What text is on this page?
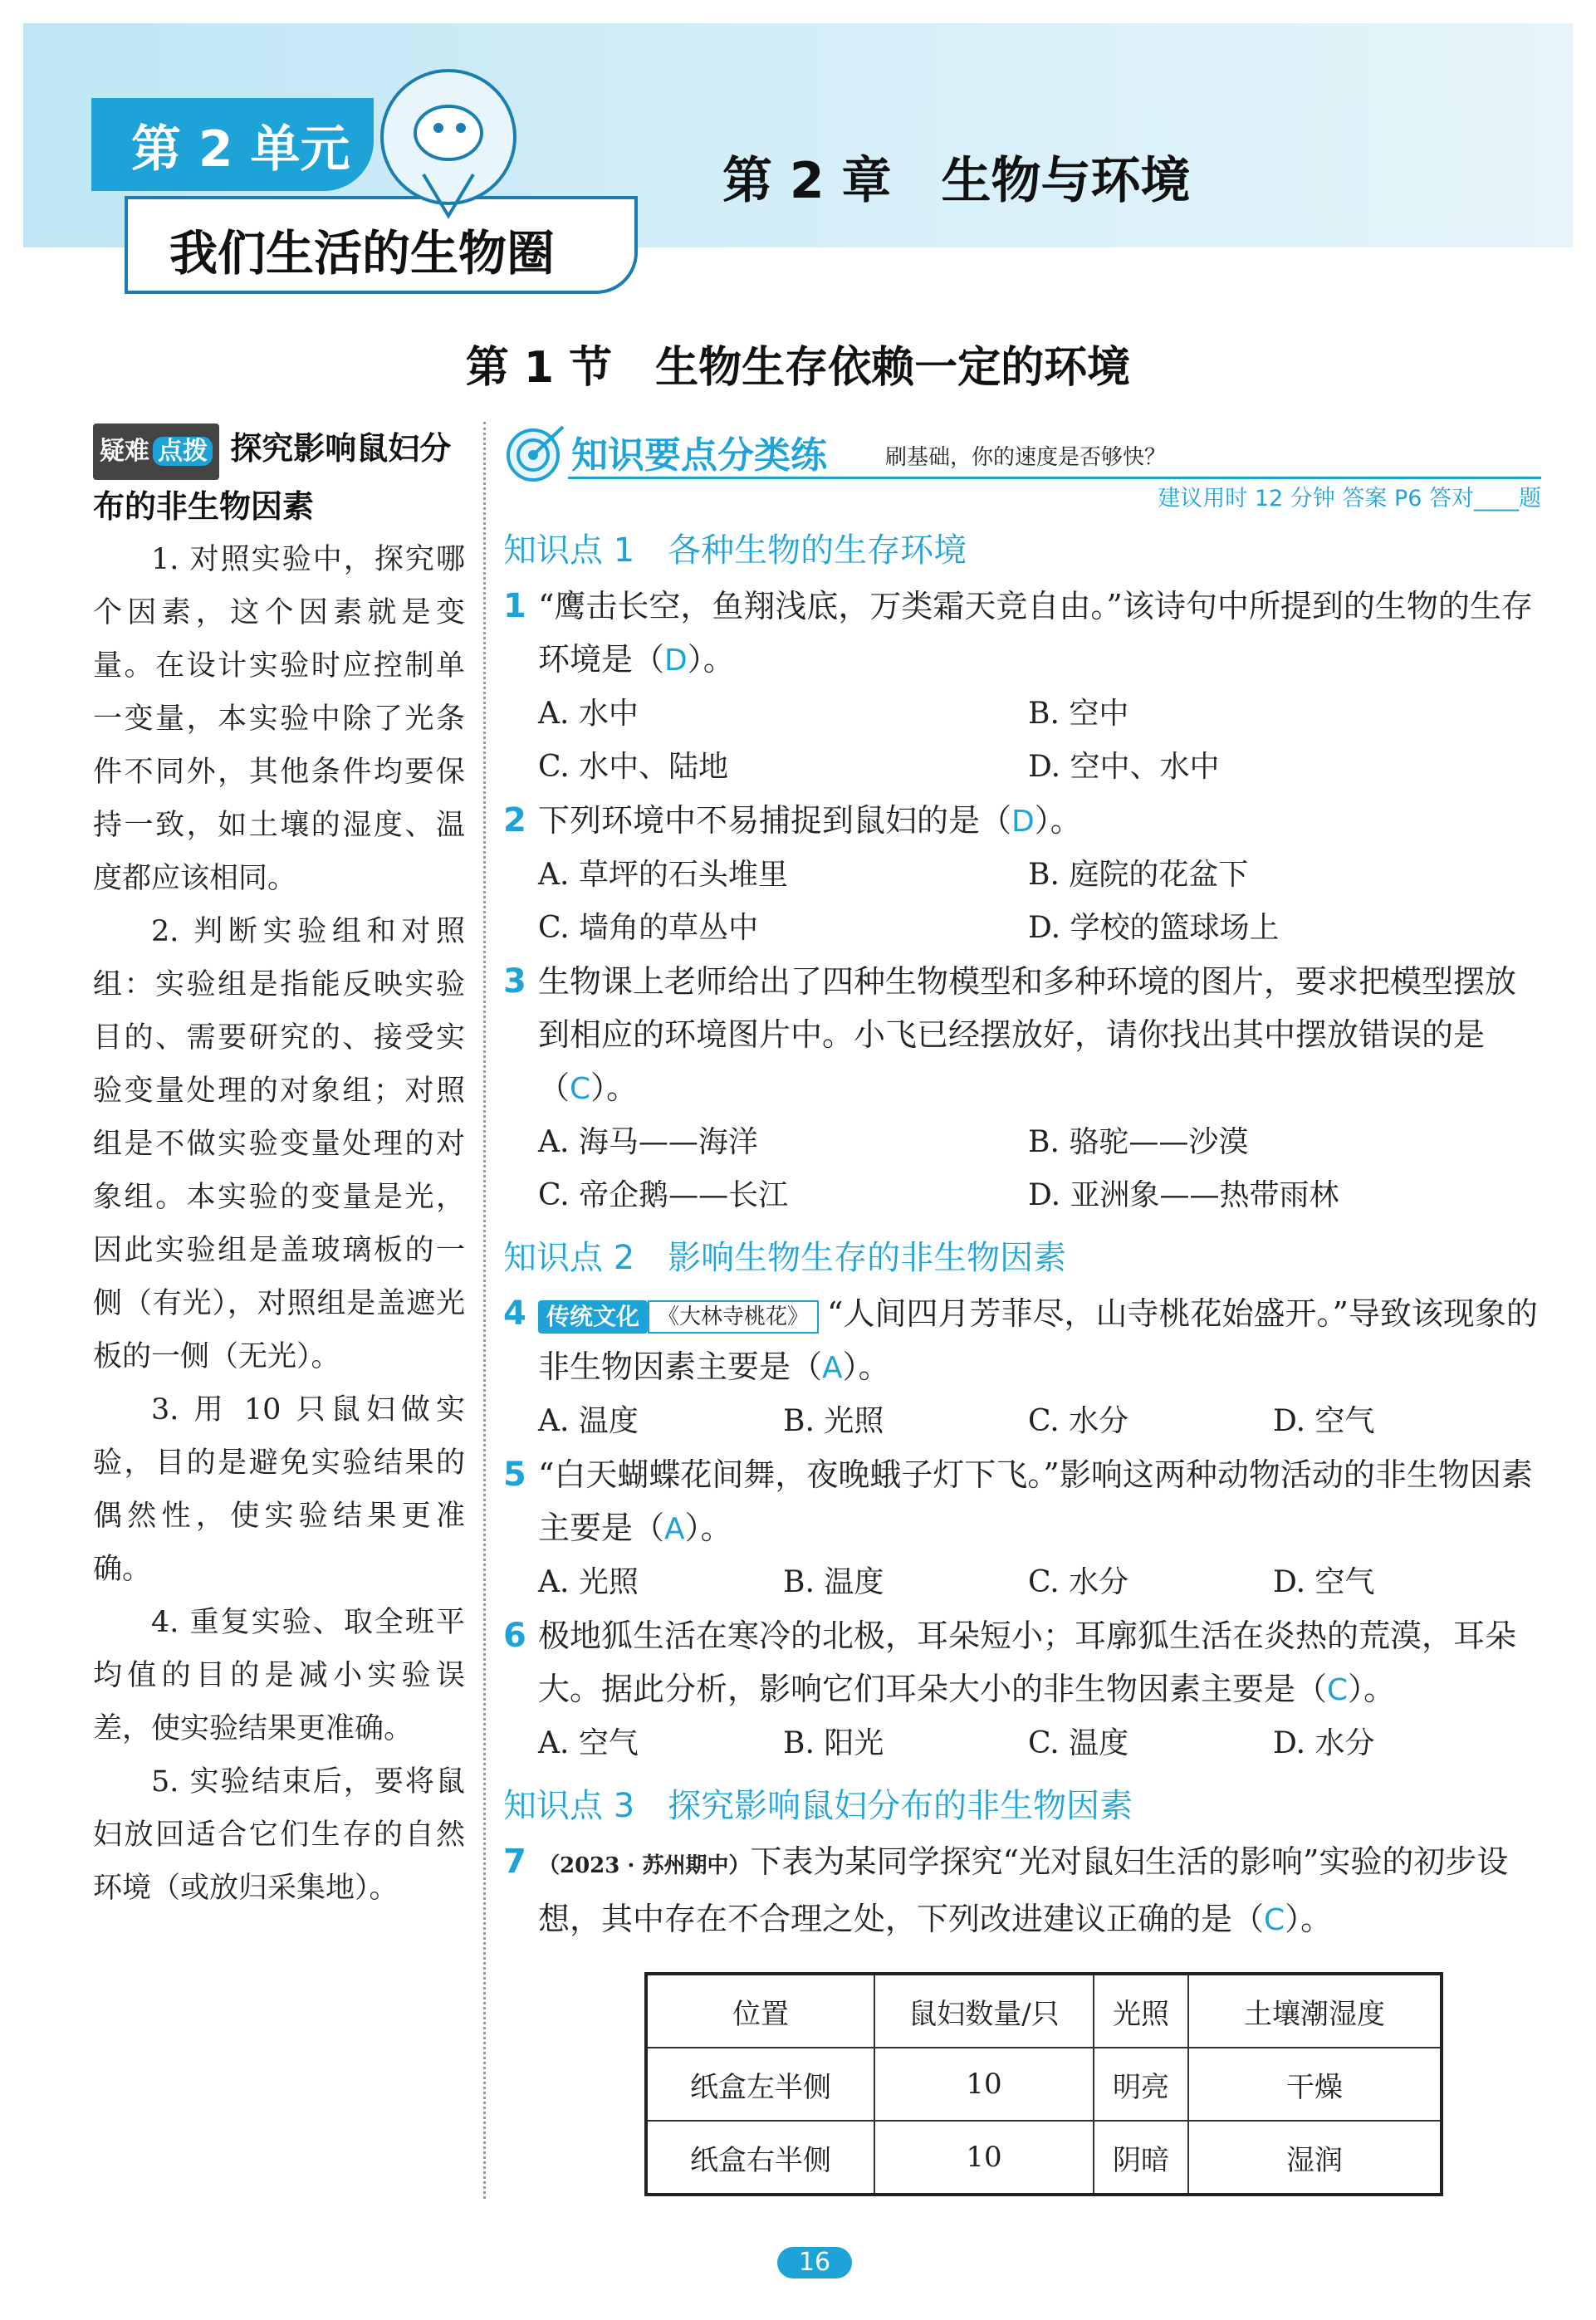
第 2 单元
我们生活的生物圈
第 2 章　生物与环境
第 1 节　生物生存依赖一定的环境
疑难 点拨 探究影响鼠妇分布的非生物因素

1. 对照实验中，探究哪个因素，这个因素就是变量。在设计实验时应控制单一变量，本实验中除了光条件不同外，其他条件均要保持一致，如土壤的湿度、温度都应该相同。

2. 判断实验组和对照组：实验组是指能反映实验目的、需要研究的、接受实验变量处理的对象组；对照组是不做实验变量处理的对象组。本实验的变量是光，因此实验组是盖玻璃板的一侧（有光），对照组是盖遮光板的一侧（无光）。

3. 用 10 只鼠妇做实验，目的是避免实验结果的偶然性，使实验结果更准确。

4. 重复实验、取全班平均值的目的是减小实验误差，使实验结果更准确。

5. 实验结束后，要将鼠妇放回适合它们生存的自然环境（或放归采集地）。

知识要点分类练	刷基础，你的速度是否够快？
建议用时 12 分钟 答案 P6 答对____题
知识点 1　各种生物的生存环境

1 “鹰击长空，鱼翔浅底，万类霜天竞自由。”该诗句中所提到的生物的生存环境是（D）。

A. 水中	B. 空中
C. 水中、陆地	D. 空中、水中

2 下列环境中不易捕捉到鼠妇的是（D）。

A. 草坪的石头堆里	B. 庭院的花盆下
C. 墙角的草丛中	D. 学校的篮球场上

3 生物课上老师给出了四种生物模型和多种环境的图片，要求把模型摆放到相应的环境图片中。小飞已经摆放好，请你找出其中摆放错误的是（C）。

A. 海马——海洋	B. 骆驼——沙漠
C. 帝企鹅——长江	D. 亚洲象——热带雨林
知识点 2　影响生物生存的非生物因素

4 传统文化 《大林寺桃花》 “人间四月芳菲尽，山寺桃花始盛开。”导致该现象的非生物因素主要是（A）。

A. 温度	B. 光照	C. 水分	D. 空气

5 “白天蝴蝶花间舞，夜晚蛾子灯下飞。”影响这两种动物活动的非生物因素主要是（A）。

A. 光照	B. 温度	C. 水分	D. 空气

6 极地狐生活在寒冷的北极，耳朵短小；耳廓狐生活在炎热的荒漠，耳朵大。据此分析，影响它们耳朵大小的非生物因素主要是（C）。

A. 空气	B. 阳光	C. 温度	D. 水分
知识点 3　探究影响鼠妇分布的非生物因素

7 （2023 · 苏州期中）下表为某同学探究“光对鼠妇生活的影响”实验的初步设想，其中存在不合理之处，下列改进建议正确的是（C）。

位置	鼠妇数量/只	光照	土壤潮湿度
纸盒左半侧	10	明亮	干燥
纸盒右半侧	10	阴暗	湿润
16
